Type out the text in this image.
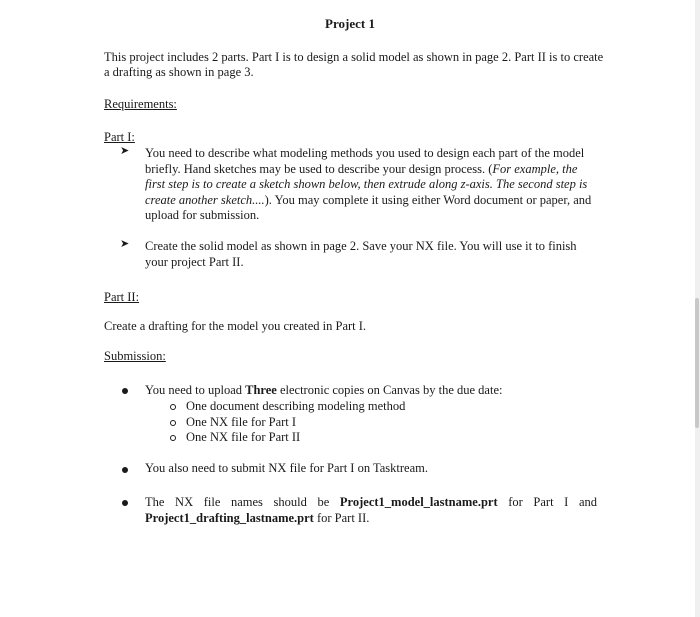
Project 1
This project includes 2 parts. Part I is to design a solid model as shown in page 2. Part II is to create a drafting as shown in page 3.
Requirements:
Part I:
➤ You need to describe what modeling methods you used to design each part of the model briefly. Hand sketches may be used to describe your design process. (For example, the first step is to create a sketch shown below, then extrude along z-axis. The second step is create another sketch....). You may complete it using either Word document or paper, and upload for submission.
➤ Create the solid model as shown in page 2. Save your NX file. You will use it to finish your project Part II.
Part II:
Create a drafting for the model you created in Part I.
Submission:
You need to upload Three electronic copies on Canvas by the due date:
One document describing modeling method
One NX file for Part I
One NX file for Part II
You also need to submit NX file for Part I on Tasktream.
The NX file names should be Project1_model_lastname.prt for Part I and Project1_drafting_lastname.prt for Part II.
